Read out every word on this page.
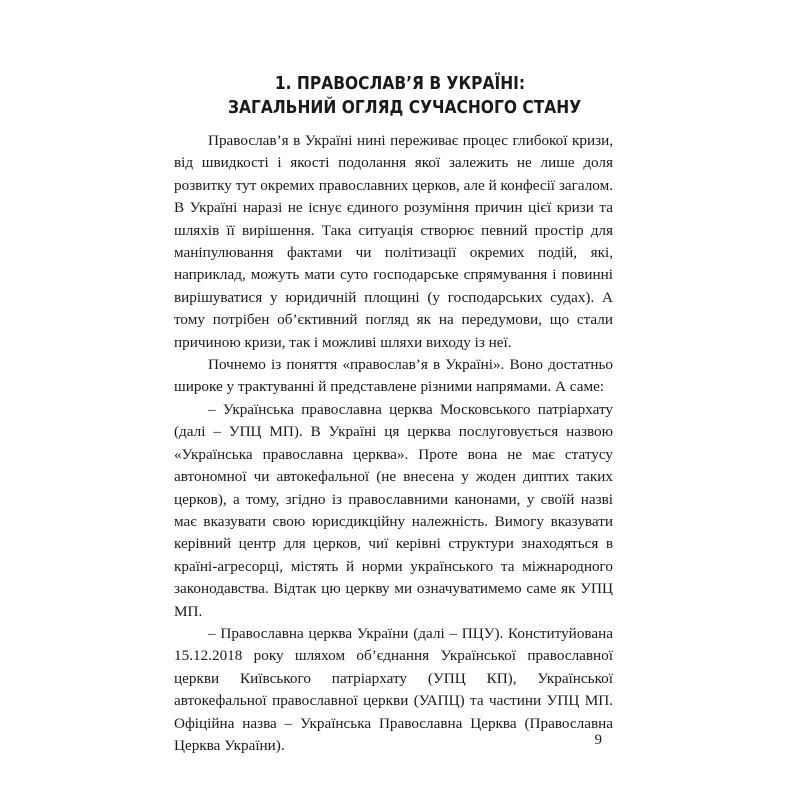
1. ПРАВОСЛАВ’Я В УКРАЇНІ:
ЗАГАЛЬНИЙ ОГЛЯД СУЧАСНОГО СТАНУ

Православ’я в Україні нині переживає процес глибокої кризи, від швидкості і якості подолання якої залежить не лише доля розвитку тут окремих православних церков, але й конфесії загалом. В Україні наразі не існує єдиного розуміння причин цієї кризи та шляхів її вирішення. Така ситуація створює певний простір для маніпулювання фактами чи політизації окремих подій, які, наприклад, можуть мати суто господарське спрямування і повинні вирішуватися у юридичній площині (у господарських судах). А тому потрібен об’єктивний погляд як на передумови, що стали причиною кризи, так і можливі шляхи виходу із неї.

Почнемо із поняття «православ’я в Україні». Воно достатньо широке у трактуванні й представлене різними напрямами. А саме:

– Українська православна церква Московського патріархату (далі – УПЦ МП). В Україні ця церква послуговується назвою «Українська православна церква». Проте вона не має статусу автономної чи автокефальної (не внесена у жоден диптих таких церков), а тому, згідно із православними канонами, у своїй назві має вказувати свою юрисдикційну належність. Вимогу вказувати керівний центр для церков, чиї керівні структури знаходяться в країні-агресорці, містять й норми українського та міжнародного законодавства. Відтак цю церкву ми означуватимемо саме як УПЦ МП.

– Православна церква України (далі – ПЦУ). Конституйована 15.12.2018 року шляхом об’єднання Української православної церкви Київського патріархату (УПЦ КП), Української автокефальної православної церкви (УАПЦ) та частини УПЦ МП. Офіційна назва – Українська Православна Церква (Православна Церква України).	9
